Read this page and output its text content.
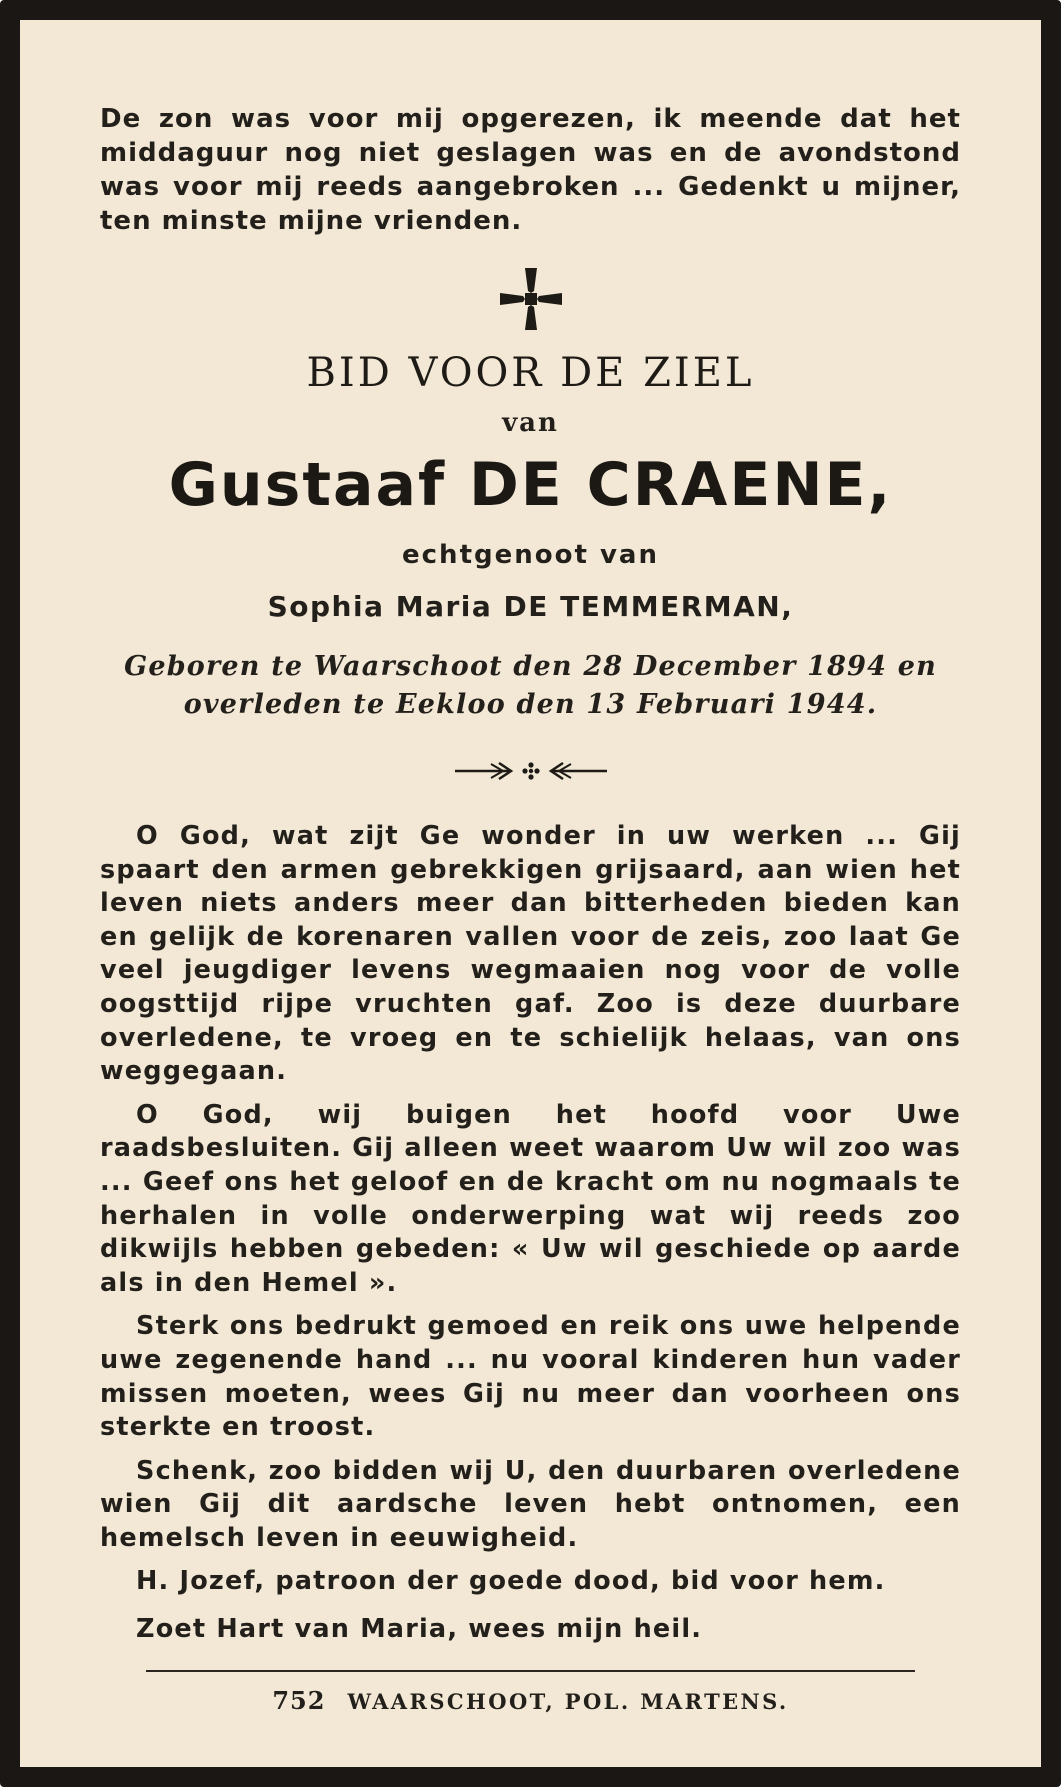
De zon was voor mij opgerezen, ik meende dat het middaguur nog niet geslagen was en de avondstond was voor mij reeds aangebroken ... Gedenkt u mijner, ten minste mijne vrienden.
BID VOOR DE ZIEL
van
Gustaaf DE CRAENE,
echtgenoot van
Sophia Maria DE TEMMERMAN,
Geboren te Waarschoot den 28 December 1894 en
overleden te Eekloo den 13 Februari 1944.

O God, wat zijt Ge wonder in uw werken ... Gij spaart den armen gebrekkigen grijsaard, aan wien het leven niets anders meer dan bitterheden bieden kan en gelijk de korenaren vallen voor de zeis, zoo laat Ge veel jeugdiger levens wegmaaien nog voor de volle oogsttijd rijpe vruchten gaf. Zoo is deze duurbare overledene, te vroeg en te schielijk helaas, van ons weggegaan.

O God, wij buigen het hoofd voor Uwe raadsbesluiten. Gij alleen weet waarom Uw wil zoo was ... Geef ons het geloof en de kracht om nu nogmaals te herhalen in volle onderwerping wat wij reeds zoo dikwijls hebben gebeden: « Uw wil geschiede op aarde als in den Hemel ».

Sterk ons bedrukt gemoed en reik ons uwe helpende uwe zegenende hand ... nu vooral kinderen hun vader missen moeten, wees Gij nu meer dan voorheen ons sterkte en troost.

Schenk, zoo bidden wij U, den duurbaren overledene wien Gij dit aardsche leven hebt ontnomen, een hemelsch leven in eeuwigheid.

H. Jozef, patroon der goede dood, bid voor hem.

Zoet Hart van Maria, wees mijn heil.

752 WAARSCHOOT, POL. MARTENS.
